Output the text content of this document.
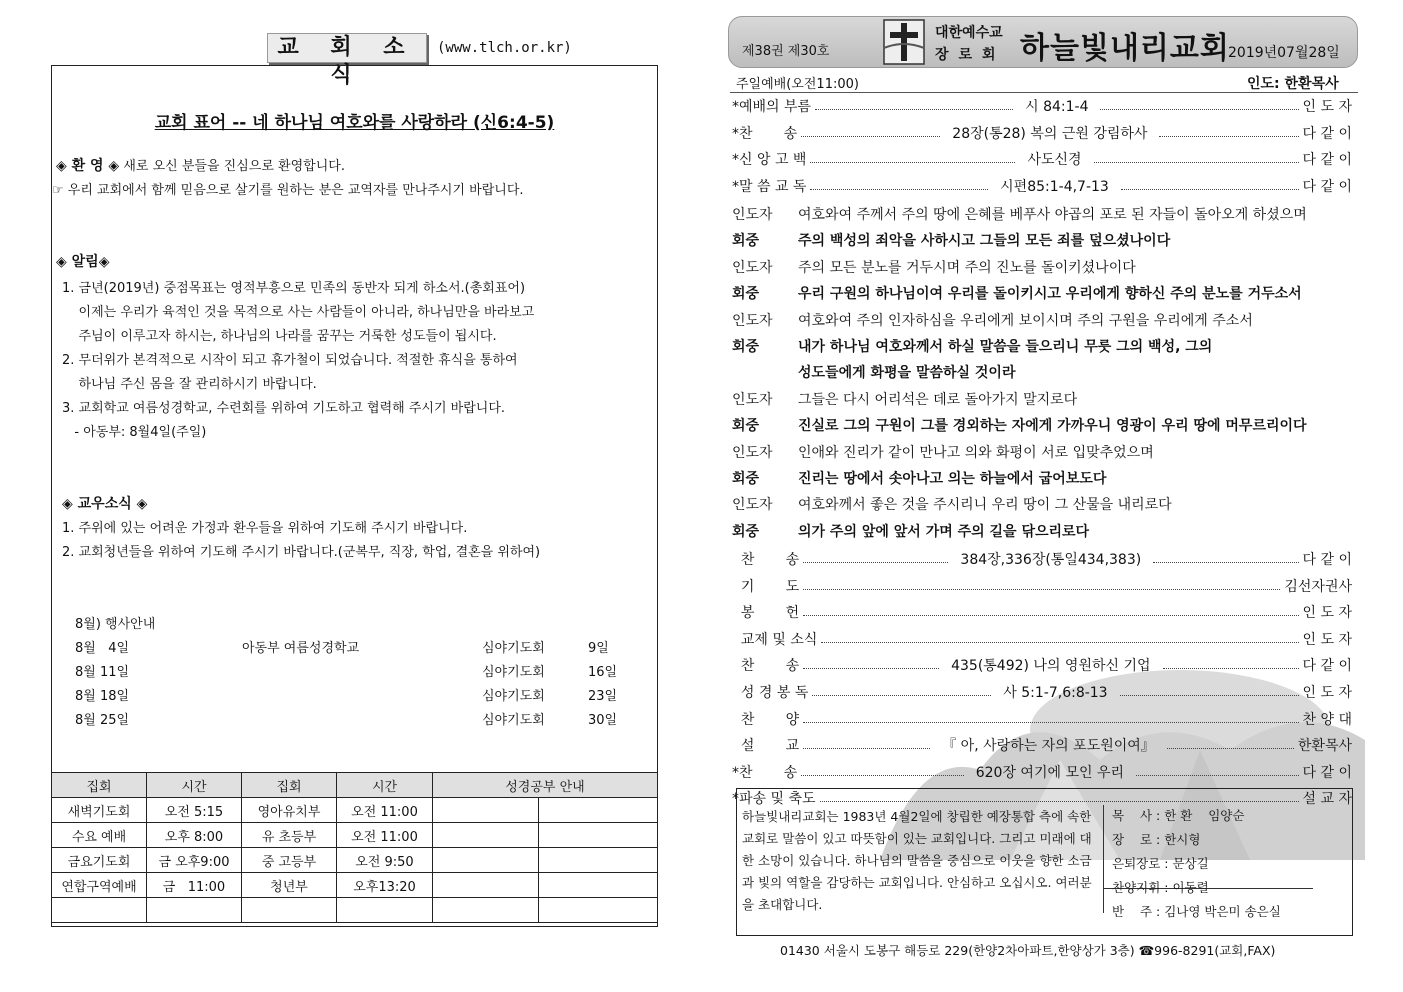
교 회 소 식
(www.tlch.or.kr)
교회 표어 -- 네 하나님 여호와를 사랑하라 (신6:4-5)
◈ 환 영 ◈ 새로 오신 분들을 진심으로 환영합니다.
☞ 우리 교회에서 함께 믿음으로 살기를 원하는 분은 교역자를 만나주시기 바랍니다.
◈ 알림◈
1. 금년(2019년) 중점목표는 영적부흥으로 민족의 동반자 되게 하소서.(총회표어)
이제는 우리가 육적인 것을 목적으로 사는 사람들이 아니라, 하나님만을 바라보고
주님이 이루고자 하시는, 하나님의 나라를 꿈꾸는 거룩한 성도들이 됩시다.
2. 무더위가 본격적으로 시작이 되고 휴가철이 되었습니다. 적절한 휴식을 통하여
하나님 주신 몸을 잘 관리하시기 바랍니다.
3. 교회학교 여름성경학교, 수련회를 위하여 기도하고 협력해 주시기 바랍니다.
- 아동부: 8월4일(주일)
◈ 교우소식 ◈
1. 주위에 있는 어려운 가정과 환우들을 위하여 기도해 주시기 바랍니다.
2. 교회청년들을 위하여 기도해 주시기 바랍니다.(군복무, 직장, 학업, 결혼을 위하여)
8월) 행사안내
8월   4일	아동부 여름성경학교	심야기도회	9일
8월 11일	심야기도회	16일
8월 18일	심야기도회	23일
8월 25일	심야기도회	30일
집회	시간	집회	시간	성경공부 안내	
새벽기도회	오전 5:15	영아유치부	오전 11:00		
수요 예배	오후 8:00	유 초등부	오전 11:00		
금요기도회	금 오후9:00	중 고등부	오전 9:50		
연합구역예배	금   11:00	청년부	오후13:20		

제38권 제30호
대한예수교
장로회 하늘빛내리교회
2019년07월28일
주일예배(오전11:00)	인도: 한환목사
*예배의 부름	시 84:1-4	인 도 자
*찬       송	28장(통28) 복의 근원 강림하사	다 같 이
*신 앙 고 백	사도신경	다 같 이
*말 씀 교 독	시편85:1-4,7-13	다 같 이
인도자 여호와여 주께서 주의 땅에 은혜를 베푸사 야곱의 포로 된 자들이 돌아오게 하셨으며
회중	주의 백성의 죄악을 사하시고 그들의 모든 죄를 덮으셨나이다
인도자 주의 모든 분노를 거두시며 주의 진노를 돌이키셨나이다
회중	우리 구원의 하나님이여 우리를 돌이키시고 우리에게 향하신 주의 분노를 거두소서
인도자 여호와여 주의 인자하심을 우리에게 보이시며 주의 구원을 우리에게 주소서
회중	내가 하나님 여호와께서 하실 말씀을 들으리니 무릇 그의 백성, 그의
성도들에게 화평을 말씀하실 것이라
인도자 그들은 다시 어리석은 데로 돌아가지 말지로다
회중	진실로 그의 구원이 그를 경외하는 자에게 가까우니 영광이 우리 땅에 머무르리이다
인도자 인애와 진리가 같이 만나고 의와 화평이 서로 입맞추었으며
회중	진리는 땅에서 솟아나고 의는 하늘에서 굽어보도다
인도자 여호와께서 좋은 것을 주시리니 우리 땅이 그 산물을 내리로다
회중	의가 주의 앞에 앞서 가며 주의 길을 닦으리로다
찬       송	384장,336장(통일434,383)	다 같 이
기       도	김선자권사
봉       헌	인 도 자
교제 및 소식	인 도 자
찬       송	435(통492) 나의 영원하신 기업	다 같 이
성 경 봉 독	사 5:1-7,6:8-13	인 도 자
찬       양	찬 양 대
설       교	『 아, 사랑하는 자의 포도원이여』	한환목사
*찬       송	620장 여기에 모인 우리	다 같 이
*파송 및 축도	설 교 자
하늘빛내리교회는 1983년 4월2일에 창립한 예장통합 측에 속한 교회로 말씀이 있고 따뜻함이 있는 교회입니다. 그리고 미래에 대한 소망이 있습니다. 하나님의 말씀을 중심으로 이웃을 향한 소금과 빛의 역할을 감당하는 교회입니다. 안심하고 오십시오. 여러분을 초대합니다.
목    사 : 한 환    임양순
장    로 : 한시형
은퇴장로 : 문상길
찬양지휘 : 이동렬
반    주 : 김나영 박은미 송은실
01430 서울시 도봉구 해등로 229(한양2차아파트,한양상가 3층) ☎996-8291(교회,FAX)
